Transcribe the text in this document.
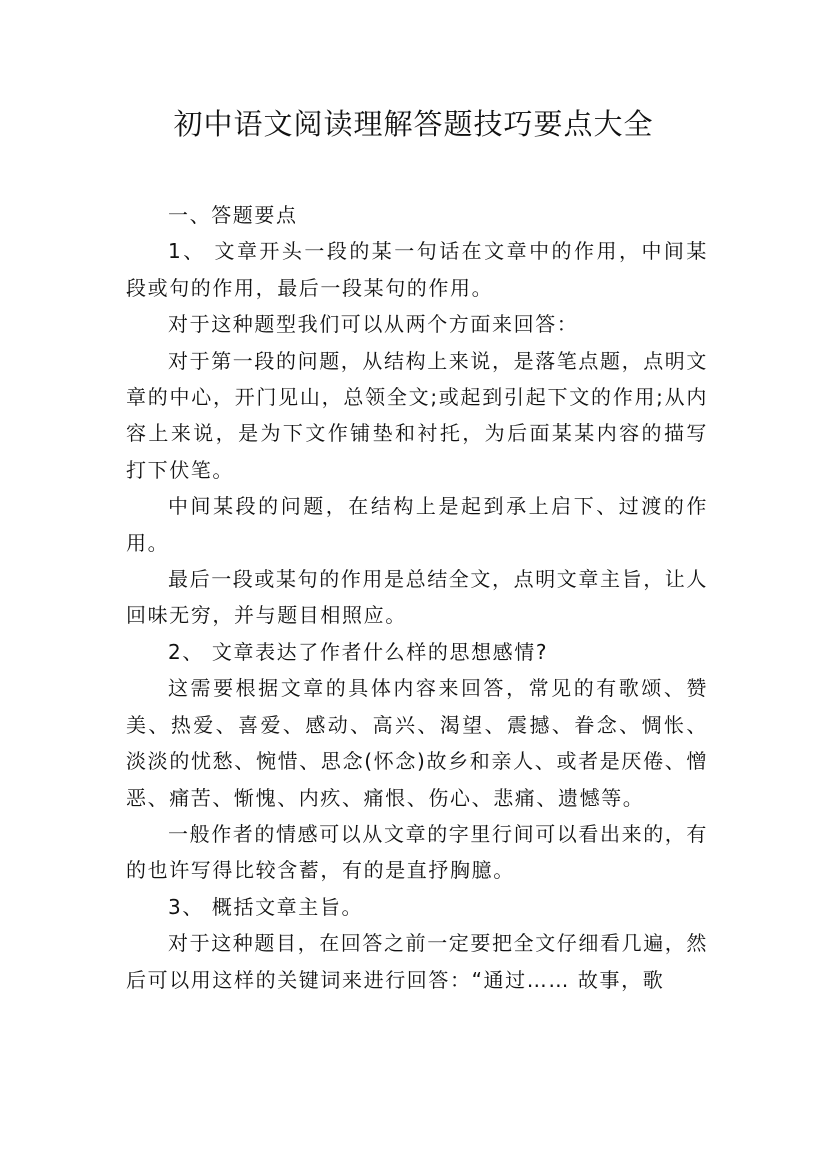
初中语文阅读理解答题技巧要点大全

一、答题要点

1、 文章开头一段的某一句话在文章中的作用，中间某段或句的作用，最后一段某句的作用。

对于这种题型我们可以从两个方面来回答：

对于第一段的问题，从结构上来说，是落笔点题，点明文章的中心，开门见山，总领全文;或起到引起下文的作用;从内容上来说，是为下文作铺垫和衬托，为后面某某内容的描写打下伏笔。

中间某段的问题，在结构上是起到承上启下、过渡的作用。

最后一段或某句的作用是总结全文，点明文章主旨，让人回味无穷，并与题目相照应。

2、 文章表达了作者什么样的思想感情?

这需要根据文章的具体内容来回答，常见的有歌颂、赞美、热爱、喜爱、感动、高兴、渴望、震撼、眷念、惆怅、淡淡的忧愁、惋惜、思念(怀念)故乡和亲人、或者是厌倦、憎恶、痛苦、惭愧、内疚、痛恨、伤心、悲痛、遗憾等。

一般作者的情感可以从文章的字里行间可以看出来的，有的也许写得比较含蓄，有的是直抒胸臆。

3、 概括文章主旨。

对于这种题目，在回答之前一定要把全文仔细看几遍，然后可以用这样的关键词来进行回答：“通过…… 故事，歌
